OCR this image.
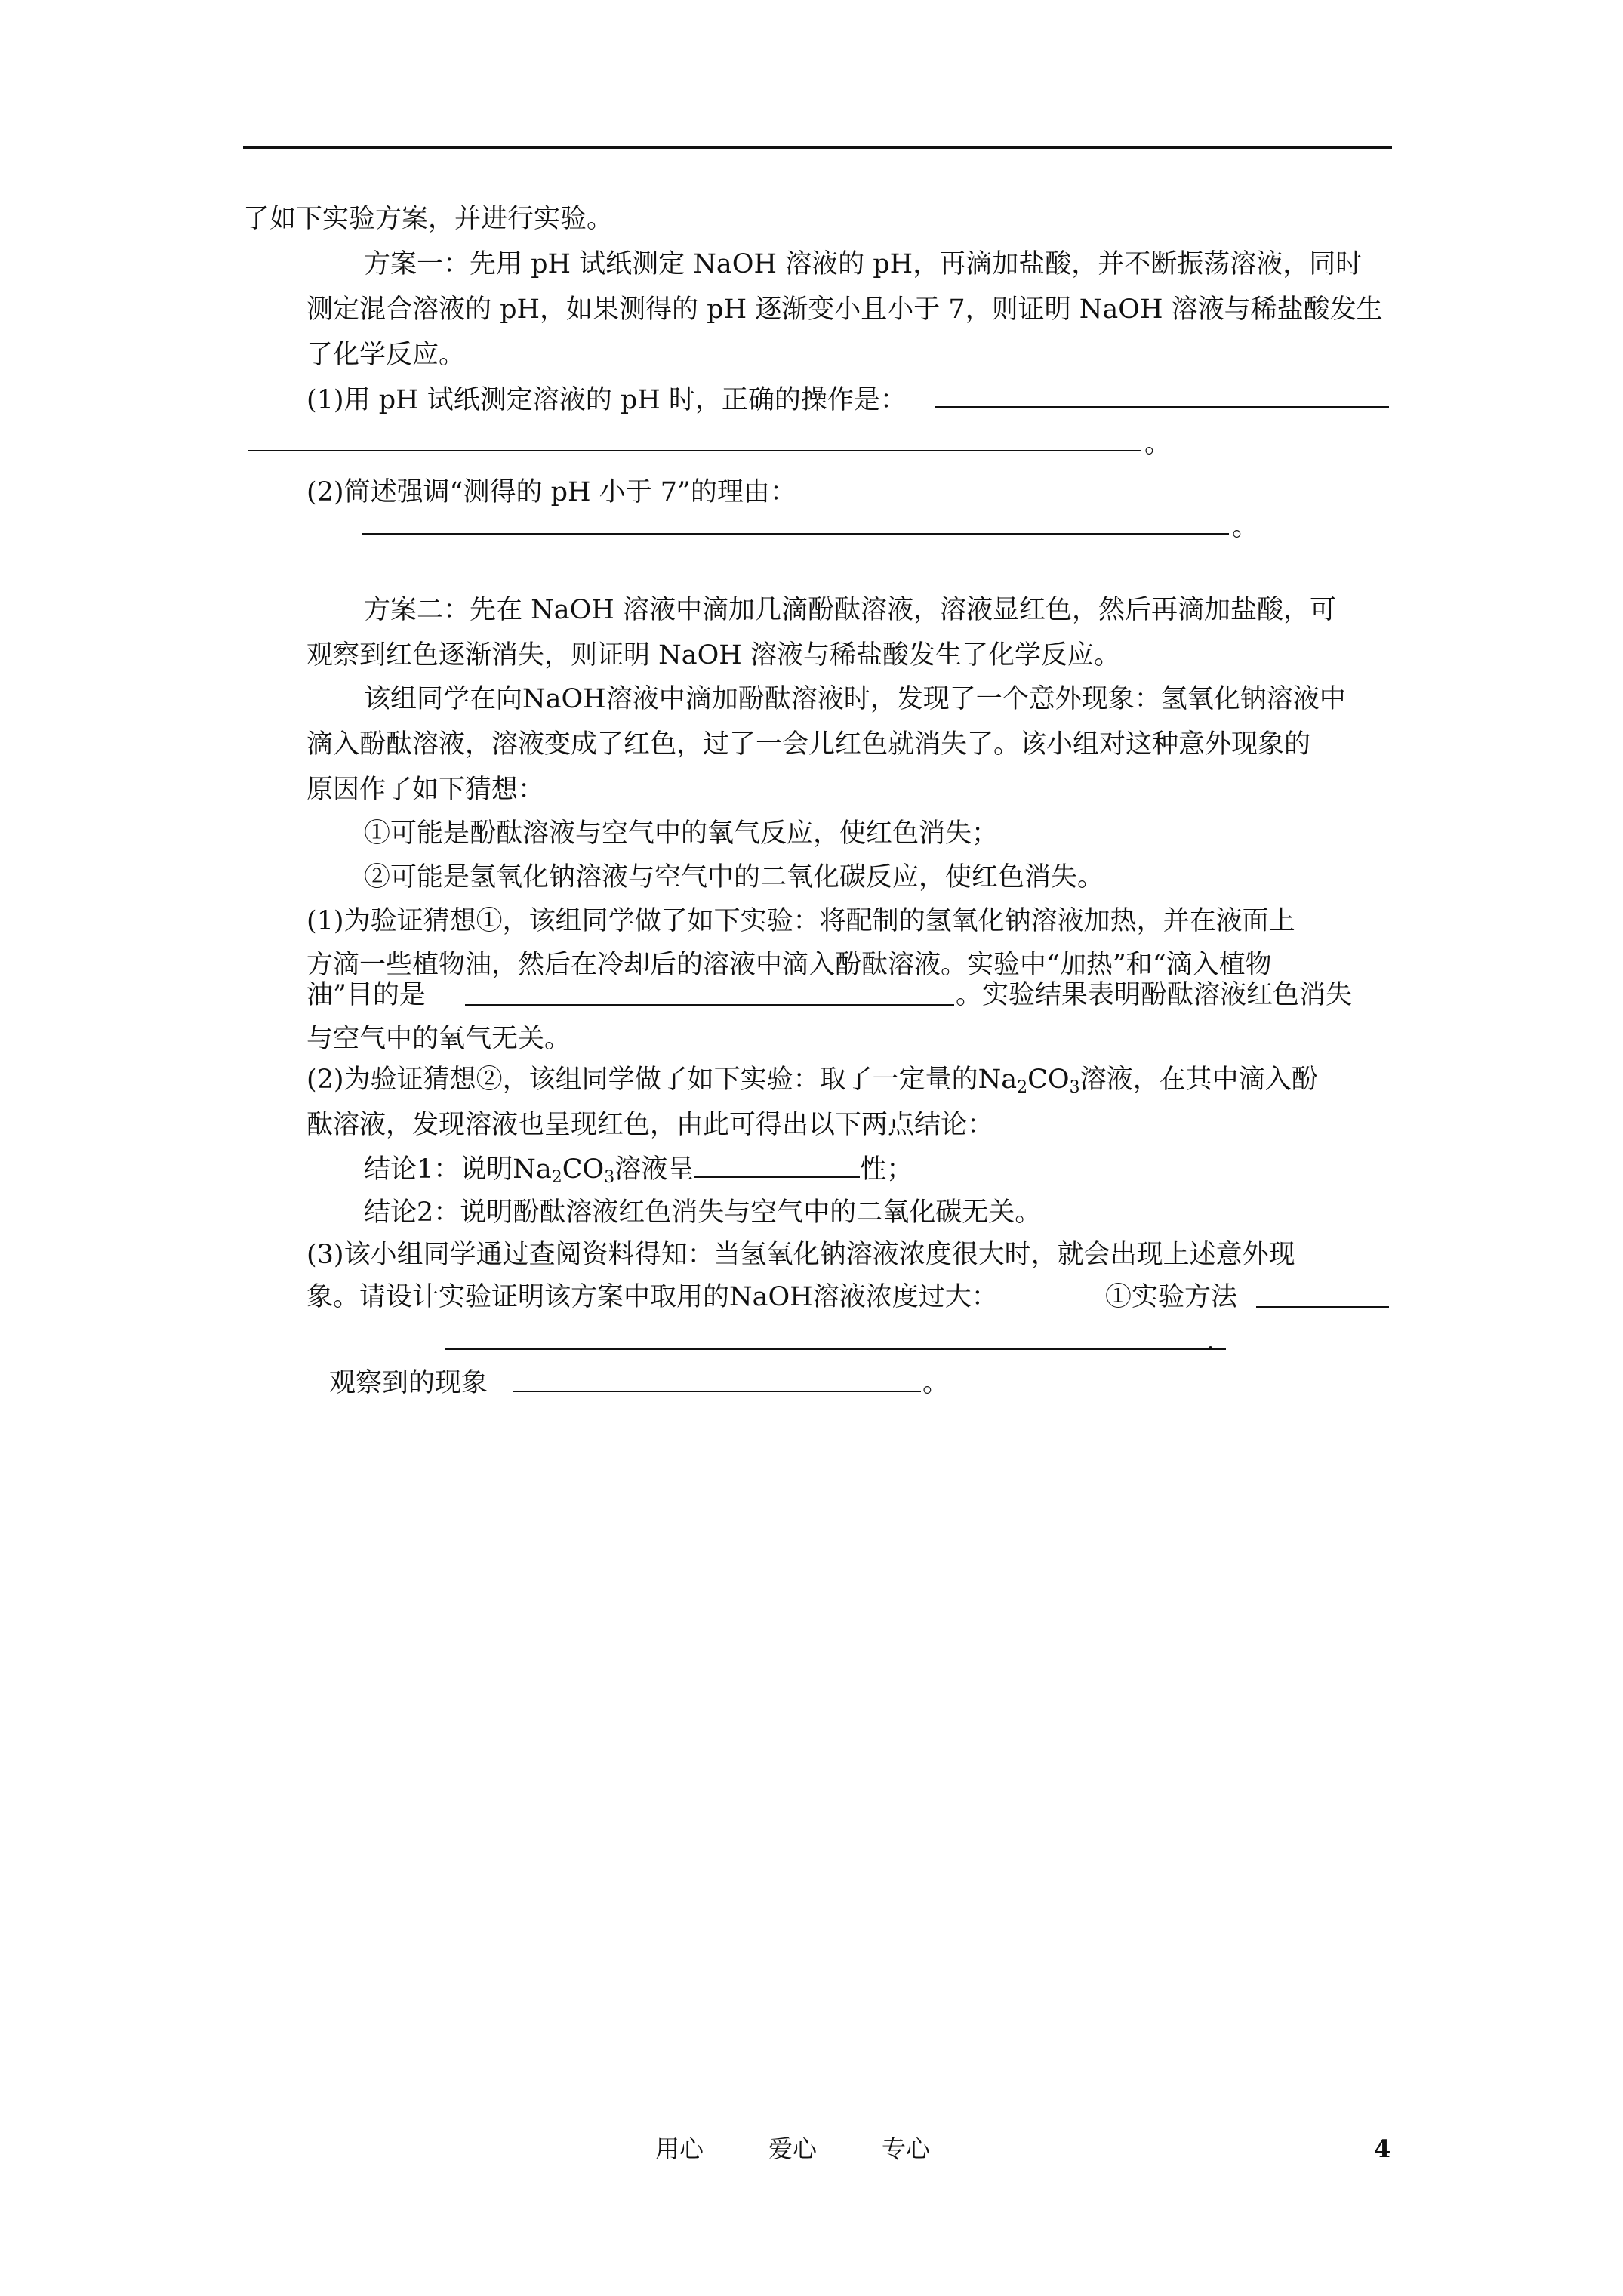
了如下实验方案，并进行实验。
方案一：先用 pH 试纸测定 NaOH 溶液的 pH，再滴加盐酸，并不断振荡溶液，同时
测定混合溶液的 pH，如果测得的 pH 逐渐变小且小于 7，则证明 NaOH 溶液与稀盐酸发生
了化学反应。
(1)用 pH 试纸测定溶液的 pH 时，正确的操作是：
。
(2)简述强调“测得的 pH 小于 7”的理由：
。
方案二：先在 NaOH 溶液中滴加几滴酚酞溶液，溶液显红色，然后再滴加盐酸，可
观察到红色逐渐消失，则证明 NaOH 溶液与稀盐酸发生了化学反应。
该组同学在向NaOH溶液中滴加酚酞溶液时，发现了一个意外现象：氢氧化钠溶液中
滴入酚酞溶液，溶液变成了红色，过了一会儿红色就消失了。该小组对这种意外现象的
原因作了如下猜想：
①可能是酚酞溶液与空气中的氧气反应，使红色消失；
②可能是氢氧化钠溶液与空气中的二氧化碳反应，使红色消失。
(1)为验证猜想①，该组同学做了如下实验：将配制的氢氧化钠溶液加热，并在液面上
方滴一些植物油，然后在冷却后的溶液中滴入酚酞溶液。实验中“加热”和“滴入植物
油”目的是	。实验结果表明酚酞溶液红色消失
与空气中的氧气无关。
(2)为验证猜想②，该组同学做了如下实验：取了一定量的$Na_2CO_3$溶液，在其中滴入酚
酞溶液，发现溶液也呈现红色，由此可得出以下两点结论：
结论1：说明$Na_2CO_3$溶液呈	性；
结论2：说明酚酞溶液红色消失与空气中的二氧化碳无关。
(3)该小组同学通过查阅资料得知：当氢氧化钠溶液浓度很大时，就会出现上述意外现
象。请设计实验证明该方案中取用的NaOH溶液浓度过大：	①实验方法
.
观察到的现象	。
用心	爱心	专心	4
